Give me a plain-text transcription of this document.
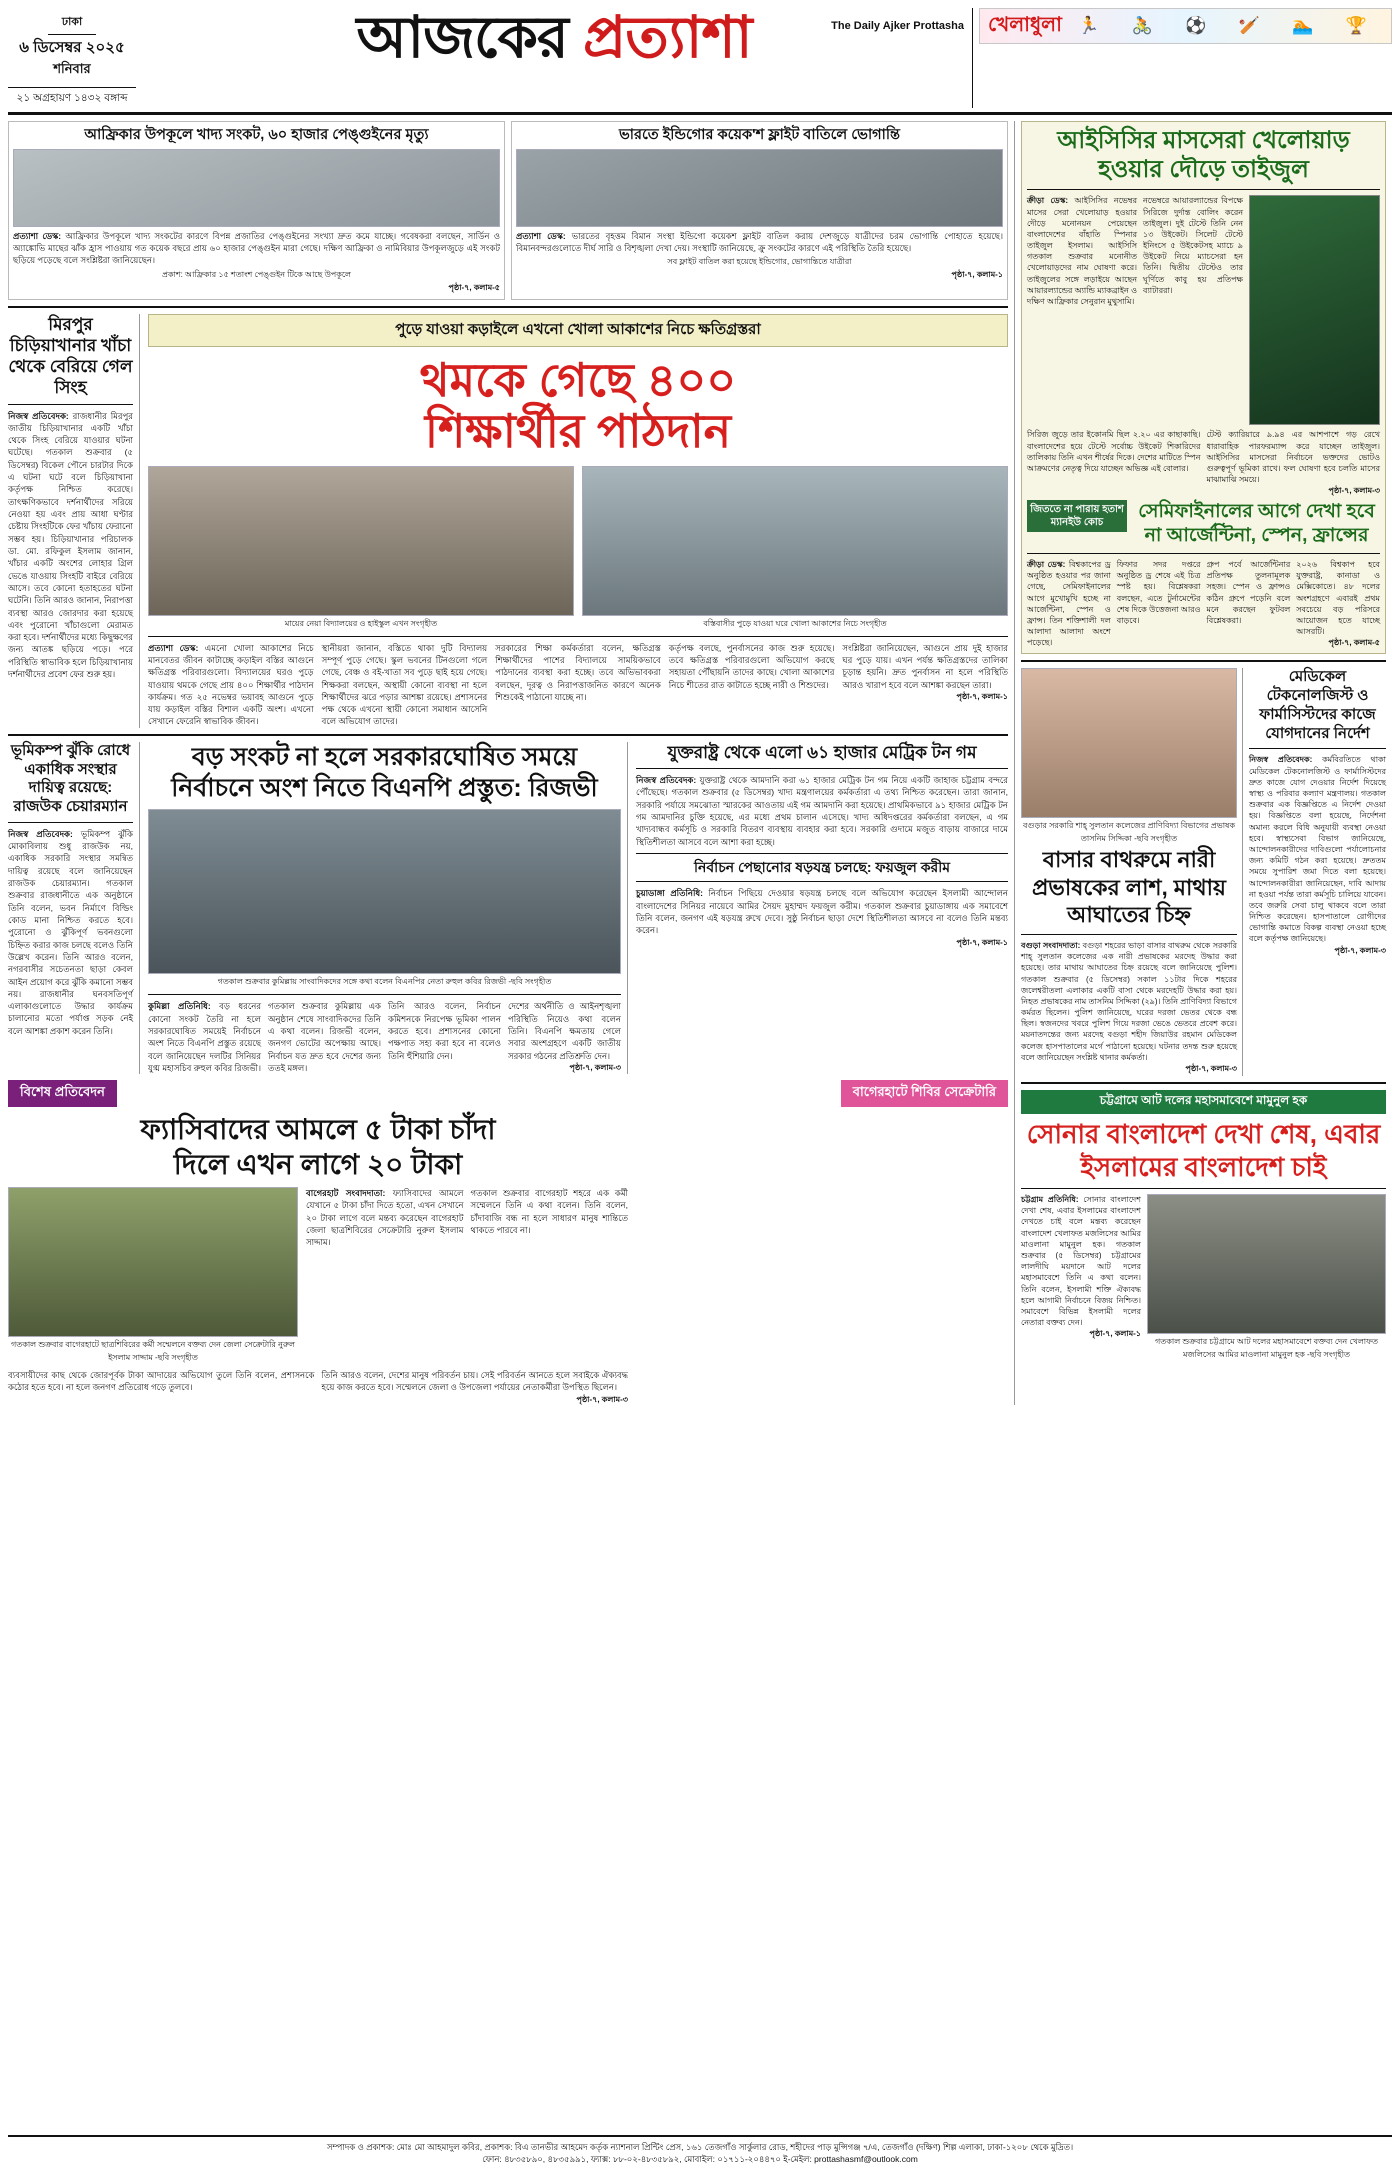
ঢাকা
৬ ডিসেম্বর ২০২৫
শনিবার
২১ অগ্রহায়ণ ১৪৩২ বঙ্গাব্দ
The Daily Ajker Prottasha
আজকের প্রত্যাশা	খেলাধুলা 🏃 🚴 ⚽ 🏏 🏊 🏆
আফ্রিকার উপকূলে খাদ্য সংকট, ৬০ হাজার পেঙ্গুইনের মৃত্যু
প্রত্যাশা ডেস্ক: আফ্রিকার উপকূলে খাদ্য সংকটের কারণে বিপন্ন প্রজাতির পেঙ্গুইনের সংখ্যা দ্রুত কমে যাচ্ছে। গবেষকরা বলছেন, সার্ডিন ও অ্যাঙ্কোভি মাছের ঝাঁক হ্রাস পাওয়ায় গত কয়েক বছরে প্রায় ৬০ হাজার পেঙ্গুইন মারা গেছে। দক্ষিণ আফ্রিকা ও নামিবিয়ার উপকূলজুড়ে এই সংকট ছড়িয়ে পড়েছে বলে সংশ্লিষ্টরা জানিয়েছেন।
প্রকাশ: আফ্রিকার ১৫ শতাংশ পেঙ্গুইন টিকে আছে উপকূলে
পৃষ্ঠা-৭, কলাম-৫
ভারতে ইন্ডিগোর কয়েক'শ ফ্লাইট বাতিলে ভোগান্তি
প্রত্যাশা ডেস্ক: ভারতের বৃহত্তম বিমান সংস্থা ইন্ডিগো কয়েকশ ফ্লাইট বাতিল করায় দেশজুড়ে যাত্রীদের চরম ভোগান্তি পোহাতে হয়েছে। বিমানবন্দরগুলোতে দীর্ঘ সারি ও বিশৃঙ্খলা দেখা দেয়। সংস্থাটি জানিয়েছে, ক্রু সংকটের কারণে এই পরিস্থিতি তৈরি হয়েছে।
সব ফ্লাইট বাতিল করা হয়েছে ইন্ডিগোর, ভোগান্তিতে যাত্রীরা
পৃষ্ঠা-৭, কলাম-১
মিরপুর চিড়িয়াখানার খাঁচা থেকে বেরিয়ে গেল সিংহ
নিজস্ব প্রতিবেদক: রাজধানীর মিরপুর জাতীয় চিড়িয়াখানার একটি খাঁচা থেকে সিংহ বেরিয়ে যাওয়ার ঘটনা ঘটেছে। গতকাল শুক্রবার (৫ ডিসেম্বর) বিকেল পৌনে চারটার দিকে এ ঘটনা ঘটে বলে চিড়িয়াখানা কর্তৃপক্ষ নিশ্চিত করেছে। তাৎক্ষণিকভাবে দর্শনার্থীদের সরিয়ে নেওয়া হয় এবং প্রায় আধা ঘণ্টার চেষ্টায় সিংহটিকে ফের খাঁচায় ফেরানো সম্ভব হয়। চিড়িয়াখানার পরিচালক ডা. মো. রফিকুল ইসলাম জানান, খাঁচার একটি অংশের লোহার গ্রিল ভেঙে যাওয়ায় সিংহটি বাইরে বেরিয়ে আসে। তবে কোনো হতাহতের ঘটনা ঘটেনি। তিনি আরও জানান, নিরাপত্তা ব্যবস্থা আরও জোরদার করা হয়েছে এবং পুরোনো খাঁচাগুলো মেরামত করা হবে। দর্শনার্থীদের মধ্যে কিছুক্ষণের জন্য আতঙ্ক ছড়িয়ে পড়ে। পরে পরিস্থিতি স্বাভাবিক হলে চিড়িয়াখানায় দর্শনার্থীদের প্রবেশ ফের শুরু হয়।
পুড়ে যাওয়া কড়াইলে এখনো খোলা আকাশের নিচে ক্ষতিগ্রস্তরা
থমকে গেছে ৪০০
শিক্ষার্থীর পাঠদান
মায়ের নেয়া বিদ্যালয়ের ও হাইস্কুল এখন সংগৃহীত	বস্তিবাসীর পুড়ে যাওয়া ঘরে খোলা আকাশের নিচে সংগৃহীত
প্রত্যাশা ডেস্ক: এমনো খোলা আকাশের নিচে মানবেতর জীবন কাটাচ্ছে কড়াইল বস্তির আগুনে ক্ষতিগ্রস্ত পরিবারগুলো। বিদ্যালয়ের ঘরও পুড়ে যাওয়ায় থমকে গেছে প্রায় ৪০০ শিক্ষার্থীর পাঠদান কার্যক্রম। গত ২৫ নভেম্বর ভয়াবহ আগুনে পুড়ে যায় কড়াইল বস্তির বিশাল একটি অংশ। এখনো সেখানে ফেরেনি স্বাভাবিক জীবন।
স্থানীয়রা জানান, বস্তিতে থাকা দুটি বিদ্যালয় সম্পূর্ণ পুড়ে গেছে। স্কুল ভবনের টিনগুলো গলে গেছে, বেঞ্চ ও বই-খাতা সব পুড়ে ছাই হয়ে গেছে। শিক্ষকরা বলছেন, অস্থায়ী কোনো ব্যবস্থা না হলে শিক্ষার্থীদের ঝরে পড়ার আশঙ্কা রয়েছে। প্রশাসনের পক্ষ থেকে এখনো স্থায়ী কোনো সমাধান আসেনি বলে অভিযোগ তাদের।
সরকারের শিক্ষা কর্মকর্তারা বলেন, ক্ষতিগ্রস্ত শিক্ষার্থীদের পাশের বিদ্যালয়ে সাময়িকভাবে পাঠদানের ব্যবস্থা করা হচ্ছে। তবে অভিভাবকরা বলছেন, দূরত্ব ও নিরাপত্তাজনিত কারণে অনেক শিশুকেই পাঠানো যাচ্ছে না।
কর্তৃপক্ষ বলছে, পুনর্বাসনের কাজ শুরু হয়েছে। তবে ক্ষতিগ্রস্ত পরিবারগুলো অভিযোগ করছে সহায়তা পৌঁছায়নি তাদের কাছে। খোলা আকাশের নিচে শীতের রাত কাটাতে হচ্ছে নারী ও শিশুদের।
সংশ্লিষ্টরা জানিয়েছেন, আগুনে প্রায় দুই হাজার ঘর পুড়ে যায়। এখন পর্যন্ত ক্ষতিগ্রস্তদের তালিকা চূড়ান্ত হয়নি। দ্রুত পুনর্বাসন না হলে পরিস্থিতি আরও খারাপ হবে বলে আশঙ্কা করছেন তারা।
পৃষ্ঠা-৭, কলাম-১
ভূমিকম্প ঝুঁকি রোধে একাধিক সংস্থার দায়িত্ব রয়েছে: রাজউক চেয়ারম্যান
নিজস্ব প্রতিবেদক: ভূমিকম্প ঝুঁকি মোকাবিলায় শুধু রাজউক নয়, একাধিক সরকারি সংস্থার সমন্বিত দায়িত্ব রয়েছে বলে জানিয়েছেন রাজউক চেয়ারম্যান। গতকাল শুক্রবার রাজধানীতে এক অনুষ্ঠানে তিনি বলেন, ভবন নির্মাণে বিল্ডিং কোড মানা নিশ্চিত করতে হবে। পুরোনো ও ঝুঁকিপূর্ণ ভবনগুলো চিহ্নিত করার কাজ চলছে বলেও তিনি উল্লেখ করেন। তিনি আরও বলেন, নগরবাসীর সচেতনতা ছাড়া কেবল আইন প্রয়োগ করে ঝুঁকি কমানো সম্ভব নয়। রাজধানীর ঘনবসতিপূর্ণ এলাকাগুলোতে উদ্ধার কার্যক্রম চালানোর মতো পর্যাপ্ত সড়ক নেই বলে আশঙ্কা প্রকাশ করেন তিনি।
বড় সংকট না হলে সরকারঘোষিত সময়ে নির্বাচনে অংশ নিতে বিএনপি প্রস্তুত: রিজভী
গতকাল শুক্রবার কুমিল্লায় সাংবাদিকদের সঙ্গে কথা বলেন বিএনপির নেতা রুহুল কবির রিজভী -ছবি সংগৃহীত
কুমিল্লা প্রতিনিধি: বড় ধরনের কোনো সংকট তৈরি না হলে সরকারঘোষিত সময়েই নির্বাচনে অংশ নিতে বিএনপি প্রস্তুত রয়েছে বলে জানিয়েছেন দলটির সিনিয়র যুগ্ম মহাসচিব রুহুল কবির রিজভী।
গতকাল শুক্রবার কুমিল্লায় এক অনুষ্ঠান শেষে সাংবাদিকদের তিনি এ কথা বলেন। রিজভী বলেন, জনগণ ভোটের অপেক্ষায় আছে। নির্বাচন যত দ্রুত হবে দেশের জন্য ততই মঙ্গল।
তিনি আরও বলেন, নির্বাচন কমিশনকে নিরপেক্ষ ভূমিকা পালন করতে হবে। প্রশাসনের কোনো পক্ষপাত সহ্য করা হবে না বলেও তিনি হুঁশিয়ারি দেন।
দেশের অর্থনীতি ও আইনশৃঙ্খলা পরিস্থিতি নিয়েও কথা বলেন তিনি। বিএনপি ক্ষমতায় গেলে সবার অংশগ্রহণে একটি জাতীয় সরকার গঠনের প্রতিশ্রুতি দেন।
পৃষ্ঠা-৭, কলাম-৩
যুক্তরাষ্ট্র থেকে এলো ৬১ হাজার মেট্রিক টন গম
নিজস্ব প্রতিবেদক: যুক্তরাষ্ট্র থেকে আমদানি করা ৬১ হাজার মেট্রিক টন গম নিয়ে একটি জাহাজ চট্টগ্রাম বন্দরে পৌঁছেছে। গতকাল শুক্রবার (৫ ডিসেম্বর) খাদ্য মন্ত্রণালয়ের কর্মকর্তারা এ তথ্য নিশ্চিত করেছেন। তারা জানান, সরকারি পর্যায়ে সমঝোতা স্মারকের আওতায় এই গম আমদানি করা হয়েছে। প্রাথমিকভাবে ৯১ হাজার মেট্রিক টন গম আমদানির চুক্তি হয়েছে, এর মধ্যে প্রথম চালান এসেছে। খাদ্য অধিদপ্তরের কর্মকর্তারা বলছেন, এ গম খাদ্যবান্ধব কর্মসূচি ও সরকারি বিতরণ ব্যবস্থায় ব্যবহার করা হবে। সরকারি গুদামে মজুত বাড়ায় বাজারে দামে স্থিতিশীলতা আসবে বলে আশা করা হচ্ছে।
নির্বাচন পেছানোর ষড়যন্ত্র চলছে: ফয়জুল করীম
চুয়াডাঙ্গা প্রতিনিধি: নির্বাচন পিছিয়ে দেওয়ার ষড়যন্ত্র চলছে বলে অভিযোগ করেছেন ইসলামী আন্দোলন বাংলাদেশের সিনিয়র নায়েবে আমির সৈয়দ মুহাম্মদ ফয়জুল করীম। গতকাল শুক্রবার চুয়াডাঙ্গায় এক সমাবেশে তিনি বলেন, জনগণ এই ষড়যন্ত্র রুখে দেবে। সুষ্ঠু নির্বাচন ছাড়া দেশে স্থিতিশীলতা আসবে না বলেও তিনি মন্তব্য করেন।
পৃষ্ঠা-৭, কলাম-১
বিশেষ প্রতিবেদন	বাগেরহাটে শিবির সেক্রেটারি
ফ্যাসিবাদের আমলে ৫ টাকা চাঁদা
দিলে এখন লাগে ২০ টাকা
গতকাল শুক্রবার বাগেরহাটে ছাত্রশিবিরের কর্মী সম্মেলনে বক্তব্য দেন জেলা সেক্রেটারি নুরুল ইসলাম সাদ্দাম -ছবি সংগৃহীত
বাগেরহাট সংবাদদাতা: ফ্যাসিবাদের আমলে যেখানে ৫ টাকা চাঁদা দিতে হতো, এখন সেখানে ২০ টাকা লাগে বলে মন্তব্য করেছেন বাগেরহাট জেলা ছাত্রশিবিরের সেক্রেটারি নুরুল ইসলাম সাদ্দাম।
গতকাল শুক্রবার বাগেরহাট শহরে এক কর্মী সম্মেলনে তিনি এ কথা বলেন। তিনি বলেন, চাঁদাবাজি বন্ধ না হলে সাধারণ মানুষ শান্তিতে থাকতে পারবে না।
ব্যবসায়ীদের কাছ থেকে জোরপূর্বক টাকা আদায়ের অভিযোগ তুলে তিনি বলেন, প্রশাসনকে কঠোর হতে হবে। না হলে জনগণ প্রতিরোধ গড়ে তুলবে।
তিনি আরও বলেন, দেশের মানুষ পরিবর্তন চায়। সেই পরিবর্তন আনতে হলে সবাইকে ঐক্যবদ্ধ হয়ে কাজ করতে হবে। সম্মেলনে জেলা ও উপজেলা পর্যায়ের নেতাকর্মীরা উপস্থিত ছিলেন।
পৃষ্ঠা-৭, কলাম-৩
আইসিসির মাসসেরা খেলোয়াড়
হওয়ার দৌড়ে তাইজুল
ক্রীড়া ডেস্ক: আইসিসির নভেম্বর মাসের সেরা খেলোয়াড় হওয়ার দৌড়ে মনোনয়ন পেয়েছেন বাংলাদেশের বাঁহাতি স্পিনার তাইজুল ইসলাম। আইসিসি গতকাল শুক্রবার মনোনীত খেলোয়াড়দের নাম ঘোষণা করে। তাইজুলের সঙ্গে লড়াইয়ে আছেন আয়ারল্যান্ডের অ্যান্ডি ম্যাকব্রাইন ও দক্ষিণ আফ্রিকার সেনুরান মুথুসামি।
নভেম্বরে আয়ারল্যান্ডের বিপক্ষে সিরিজে দুর্দান্ত বোলিং করেন তাইজুল। দুই টেস্টে তিনি নেন ১৩ উইকেট। সিলেট টেস্টে ইনিংসে ৫ উইকেটসহ ম্যাচে ৯ উইকেট নিয়ে ম্যাচসেরা হন তিনি। দ্বিতীয় টেস্টেও তার ঘূর্ণিতে কাবু হয় প্রতিপক্ষ ব্যাটাররা।
সিরিজ জুড়ে তার ইকোনমি ছিল ২.২০ এর কাছাকাছি। বাংলাদেশের হয়ে টেস্টে সর্বোচ্চ উইকেট শিকারিদের তালিকায় তিনি এখন শীর্ষের দিকে। দেশের মাটিতে স্পিন আক্রমণের নেতৃত্ব দিয়ে যাচ্ছেন অভিজ্ঞ এই বোলার।
টেস্ট ক্যারিয়ারে ৯.৯৪ এর আশপাশে গড় রেখে ধারাবাহিক পারফরম্যান্স করে যাচ্ছেন তাইজুল। আইসিসির মাসসেরা নির্বাচনে ভক্তদের ভোটও গুরুত্বপূর্ণ ভূমিকা রাখে। ফল ঘোষণা হবে চলতি মাসের মাঝামাঝি সময়ে।
পৃষ্ঠা-৭, কলাম-৩
জিততে না পারায় হতাশ ম্যানইউ কোচ
সেমিফাইনালের আগে দেখা হবে
না আর্জেন্টিনা, স্পেন, ফ্রান্সের
ক্রীড়া ডেস্ক: বিশ্বকাপের ড্র অনুষ্ঠিত হওয়ার পর জানা গেছে, সেমিফাইনালের আগে মুখোমুখি হচ্ছে না আর্জেন্টিনা, স্পেন ও ফ্রান্স। তিন শক্তিশালী দল আলাদা আলাদা অংশে পড়েছে।
ফিফার সদর দপ্তরে অনুষ্ঠিত ড্র শেষে এই চিত্র স্পষ্ট হয়। বিশ্লেষকরা বলছেন, এতে টুর্নামেন্টের শেষ দিকে উত্তেজনা আরও বাড়বে।
গ্রুপ পর্বে আর্জেন্টিনার প্রতিপক্ষ তুলনামূলক সহজ। স্পেন ও ফ্রান্সও কঠিন গ্রুপে পড়েনি বলে মনে করছেন ফুটবল বিশ্লেষকরা।
২০২৬ বিশ্বকাপ হবে যুক্তরাষ্ট্র, কানাডা ও মেক্সিকোতে। ৪৮ দলের অংশগ্রহণে এবারই প্রথম সবচেয়ে বড় পরিসরে আয়োজন হতে যাচ্ছে আসরটি।
পৃষ্ঠা-৭, কলাম-৫
বগুড়ার সরকারি শাহ্ সুলতান কলেজের প্রাণিবিদ্যা বিভাগের প্রভাষক তাসনিম সিদ্দিকা -ছবি সংগৃহীত
বাসার বাথরুমে নারী প্রভাষকের লাশ, মাথায় আঘাতের চিহ্ন
বগুড়া সংবাদদাতা: বগুড়া শহরের ভাড়া বাসার বাথরুম থেকে সরকারি শাহ্ সুলতান কলেজের এক নারী প্রভাষকের মরদেহ উদ্ধার করা হয়েছে। তার মাথায় আঘাতের চিহ্ন রয়েছে বলে জানিয়েছে পুলিশ। গতকাল শুক্রবার (৫ ডিসেম্বর) সকাল ১১টার দিকে শহরের জলেশ্বরীতলা এলাকার একটি বাসা থেকে মরদেহটি উদ্ধার করা হয়। নিহত প্রভাষকের নাম তাসনিম সিদ্দিকা (২৯)। তিনি প্রাণিবিদ্যা বিভাগে কর্মরত ছিলেন। পুলিশ জানিয়েছে, ঘরের দরজা ভেতর থেকে বন্ধ ছিল। স্বজনদের খবরে পুলিশ গিয়ে দরজা ভেঙে ভেতরে প্রবেশ করে। ময়নাতদন্তের জন্য মরদেহ বগুড়া শহীদ জিয়াউর রহমান মেডিকেল কলেজ হাসপাতালের মর্গে পাঠানো হয়েছে। ঘটনার তদন্ত শুরু হয়েছে বলে জানিয়েছেন সংশ্লিষ্ট থানার কর্মকর্তা।
পৃষ্ঠা-৭, কলাম-৩
মেডিকেল টেকনোলজিস্ট ও ফার্মাসিস্টদের কাজে যোগদানের নির্দেশ
নিজস্ব প্রতিবেদক: কর্মবিরতিতে থাকা মেডিকেল টেকনোলজিস্ট ও ফার্মাসিস্টদের দ্রুত কাজে যোগ দেওয়ার নির্দেশ দিয়েছে স্বাস্থ্য ও পরিবার কল্যাণ মন্ত্রণালয়। গতকাল শুক্রবার এক বিজ্ঞপ্তিতে এ নির্দেশ দেওয়া হয়। বিজ্ঞপ্তিতে বলা হয়েছে, নির্দেশনা অমান্য করলে বিধি অনুযায়ী ব্যবস্থা নেওয়া হবে। স্বাস্থ্যসেবা বিভাগ জানিয়েছে, আন্দোলনকারীদের দাবিগুলো পর্যালোচনার জন্য কমিটি গঠন করা হয়েছে। দ্রুততম সময়ে সুপারিশ জমা দিতে বলা হয়েছে। আন্দোলনকারীরা জানিয়েছেন, দাবি আদায় না হওয়া পর্যন্ত তারা কর্মসূচি চালিয়ে যাবেন। তবে জরুরি সেবা চালু থাকবে বলে তারা নিশ্চিত করেছেন। হাসপাতালে রোগীদের ভোগান্তি কমাতে বিকল্প ব্যবস্থা নেওয়া হচ্ছে বলে কর্তৃপক্ষ জানিয়েছে।
পৃষ্ঠা-৭, কলাম-৩
চট্টগ্রামে আট দলের মহাসমাবেশে মামুনুল হক
সোনার বাংলাদেশ দেখা শেষ, এবার
ইসলামের বাংলাদেশ চাই
চট্টগ্রাম প্রতিনিধি: সোনার বাংলাদেশ দেখা শেষ, এবার ইসলামের বাংলাদেশ দেখতে চাই বলে মন্তব্য করেছেন বাংলাদেশ খেলাফত মজলিসের আমির মাওলানা মামুনুল হক। গতকাল শুক্রবার (৫ ডিসেম্বর) চট্টগ্রামের লালদীঘি ময়দানে আট দলের মহাসমাবেশে তিনি এ কথা বলেন। তিনি বলেন, ইসলামী শক্তি ঐক্যবদ্ধ হলে আগামী নির্বাচনে বিজয় নিশ্চিত। সমাবেশে বিভিন্ন ইসলামী দলের নেতারা বক্তব্য দেন।
পৃষ্ঠা-৭, কলাম-১
গতকাল শুক্রবার চট্টগ্রামে আট দলের মহাসমাবেশে বক্তব্য দেন খেলাফত মজলিসের আমির মাওলানা মামুনুল হক -ছবি সংগৃহীত
সম্পাদক ও প্রকাশক: মোঃ মো আহমাদুল কবির, প্রকাশক: বিএ তানভীর আহমেদ কর্তৃক ন্যাশনাল প্রিন্টিং প্রেস, ১৬১ তেজগাঁও সার্কুলার রোড, শহীদের পাড় মুন্সিগঞ্জ ৭/এ, তেজগাঁও (দক্ষিণ) শিল্প এলাকা, ঢাকা-১২০৮ থেকে মুদ্রিত।
ফোন: ৪৮৩৫৮৯০, ৪৮৩৫৯৯১, ফ্যাক্স: ৮৮-০২-৪৮৩৫৮৯২, মোবাইল: ০১৭১১-২০৪৪৭০ ই-মেইল: prottashasmf@outlook.com
